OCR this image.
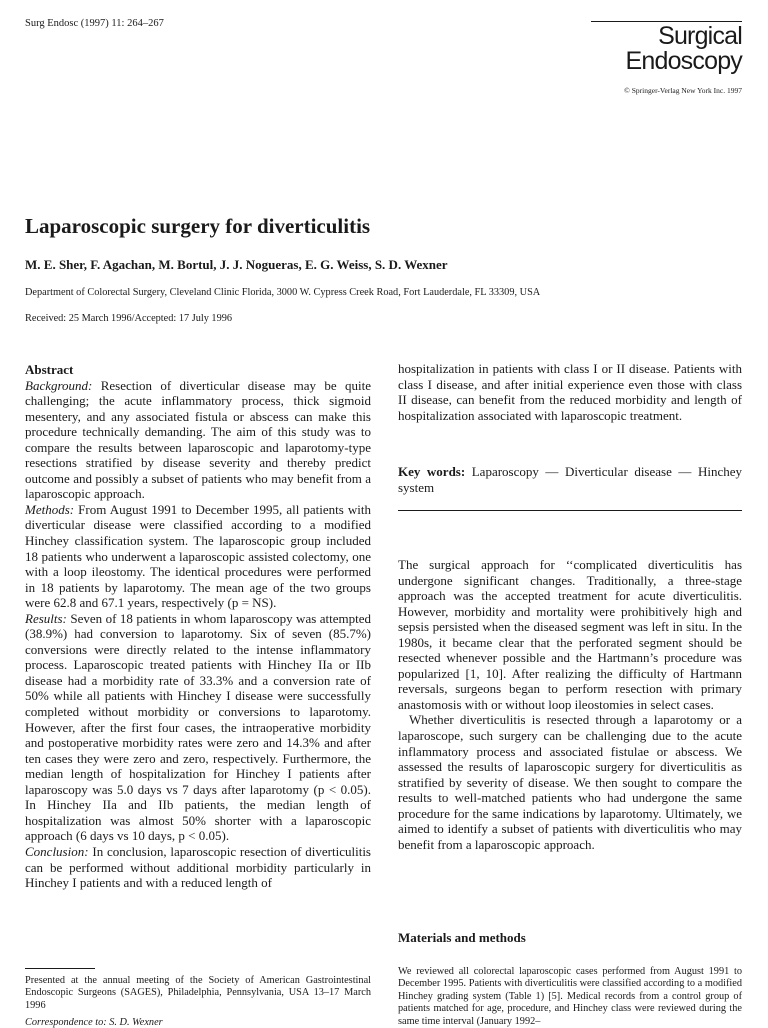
Surg Endosc (1997) 11: 264–267	Surgical
Endoscopy
© Springer-Verlag New York Inc. 1997
Laparoscopic surgery for diverticulitis
M. E. Sher, F. Agachan, M. Bortul, J. J. Nogueras, E. G. Weiss, S. D. Wexner
Department of Colorectal Surgery, Cleveland Clinic Florida, 3000 W. Cypress Creek Road, Fort Lauderdale, FL 33309, USA
Received: 25 March 1996/Accepted: 17 July 1996

Abstract

Background: Resection of diverticular disease may be quite challenging; the acute inflammatory process, thick sigmoid mesentery, and any associated fistula or abscess can make this procedure technically demanding. The aim of this study was to compare the results between laparoscopic and laparotomy-type resections stratified by disease severity and thereby predict outcome and possibly a subset of patients who may benefit from a laparoscopic approach.

Methods: From August 1991 to December 1995, all patients with diverticular disease were classified according to a modified Hinchey classification system. The laparoscopic group included 18 patients who underwent a laparoscopic assisted colectomy, one with a loop ileostomy. The identical procedures were performed in 18 patients by laparotomy. The mean age of the two groups were 62.8 and 67.1 years, respectively (p = NS).

Results: Seven of 18 patients in whom laparoscopy was attempted (38.9%) had conversion to laparotomy. Six of seven (85.7%) conversions were directly related to the intense inflammatory process. Laparoscopic treated patients with Hinchey IIa or IIb disease had a morbidity rate of 33.3% and a conversion rate of 50% while all patients with Hinchey I disease were successfully completed without morbidity or conversions to laparotomy. However, after the first four cases, the intraoperative morbidity and postoperative morbidity rates were zero and 14.3% and after ten cases they were zero and zero, respectively. Furthermore, the median length of hospitalization for Hinchey I patients after laparoscopy was 5.0 days vs 7 days after laparotomy (p < 0.05). In Hinchey IIa and IIb patients, the median length of hospitalization was almost 50% shorter with a laparoscopic approach (6 days vs 10 days, p < 0.05).

Conclusion: In conclusion, laparoscopic resection of diverticulitis can be performed without additional morbidity particularly in Hinchey I patients and with a reduced length of

hospitalization in patients with class I or II disease. Patients with class I disease, and after initial experience even those with class II disease, can benefit from the reduced morbidity and length of hospitalization associated with laparoscopic treatment.
Key words: Laparoscopy — Diverticular disease — Hinchey system

The surgical approach for ‘‘complicated diverticulitis has undergone significant changes. Traditionally, a three-stage approach was the accepted treatment for acute diverticulitis. However, morbidity and mortality were prohibitively high and sepsis persisted when the diseased segment was left in situ. In the 1980s, it became clear that the perforated segment should be resected whenever possible and the Hartmann’s procedure was popularized [1, 10]. After realizing the difficulty of Hartmann reversals, surgeons began to perform resection with primary anastomosis with or without loop ileostomies in select cases.

Whether diverticulitis is resected through a laparotomy or a laparoscope, such surgery can be challenging due to the acute inflammatory process and associated fistulae or abscess. We assessed the results of laparoscopic surgery for diverticulitis as stratified by severity of disease. We then sought to compare the results to well-matched patients who had undergone the same procedure for the same indications by laparotomy. Ultimately, we aimed to identify a subset of patients with diverticulitis who may benefit from a laparoscopic approach.

Materials and methods
We reviewed all colorectal laparoscopic cases performed from August 1991 to December 1995. Patients with diverticulitis were classified according to a modified Hinchey grading system (Table 1) [5]. Medical records from a control group of patients matched for age, procedure, and Hinchey class were reviewed during the same time interval (January 1992–
Presented at the annual meeting of the Society of American Gastrointestinal Endoscopic Surgeons (SAGES), Philadelphia, Pennsylvania, USA 13–17 March 1996
Correspondence to: S. D. Wexner
